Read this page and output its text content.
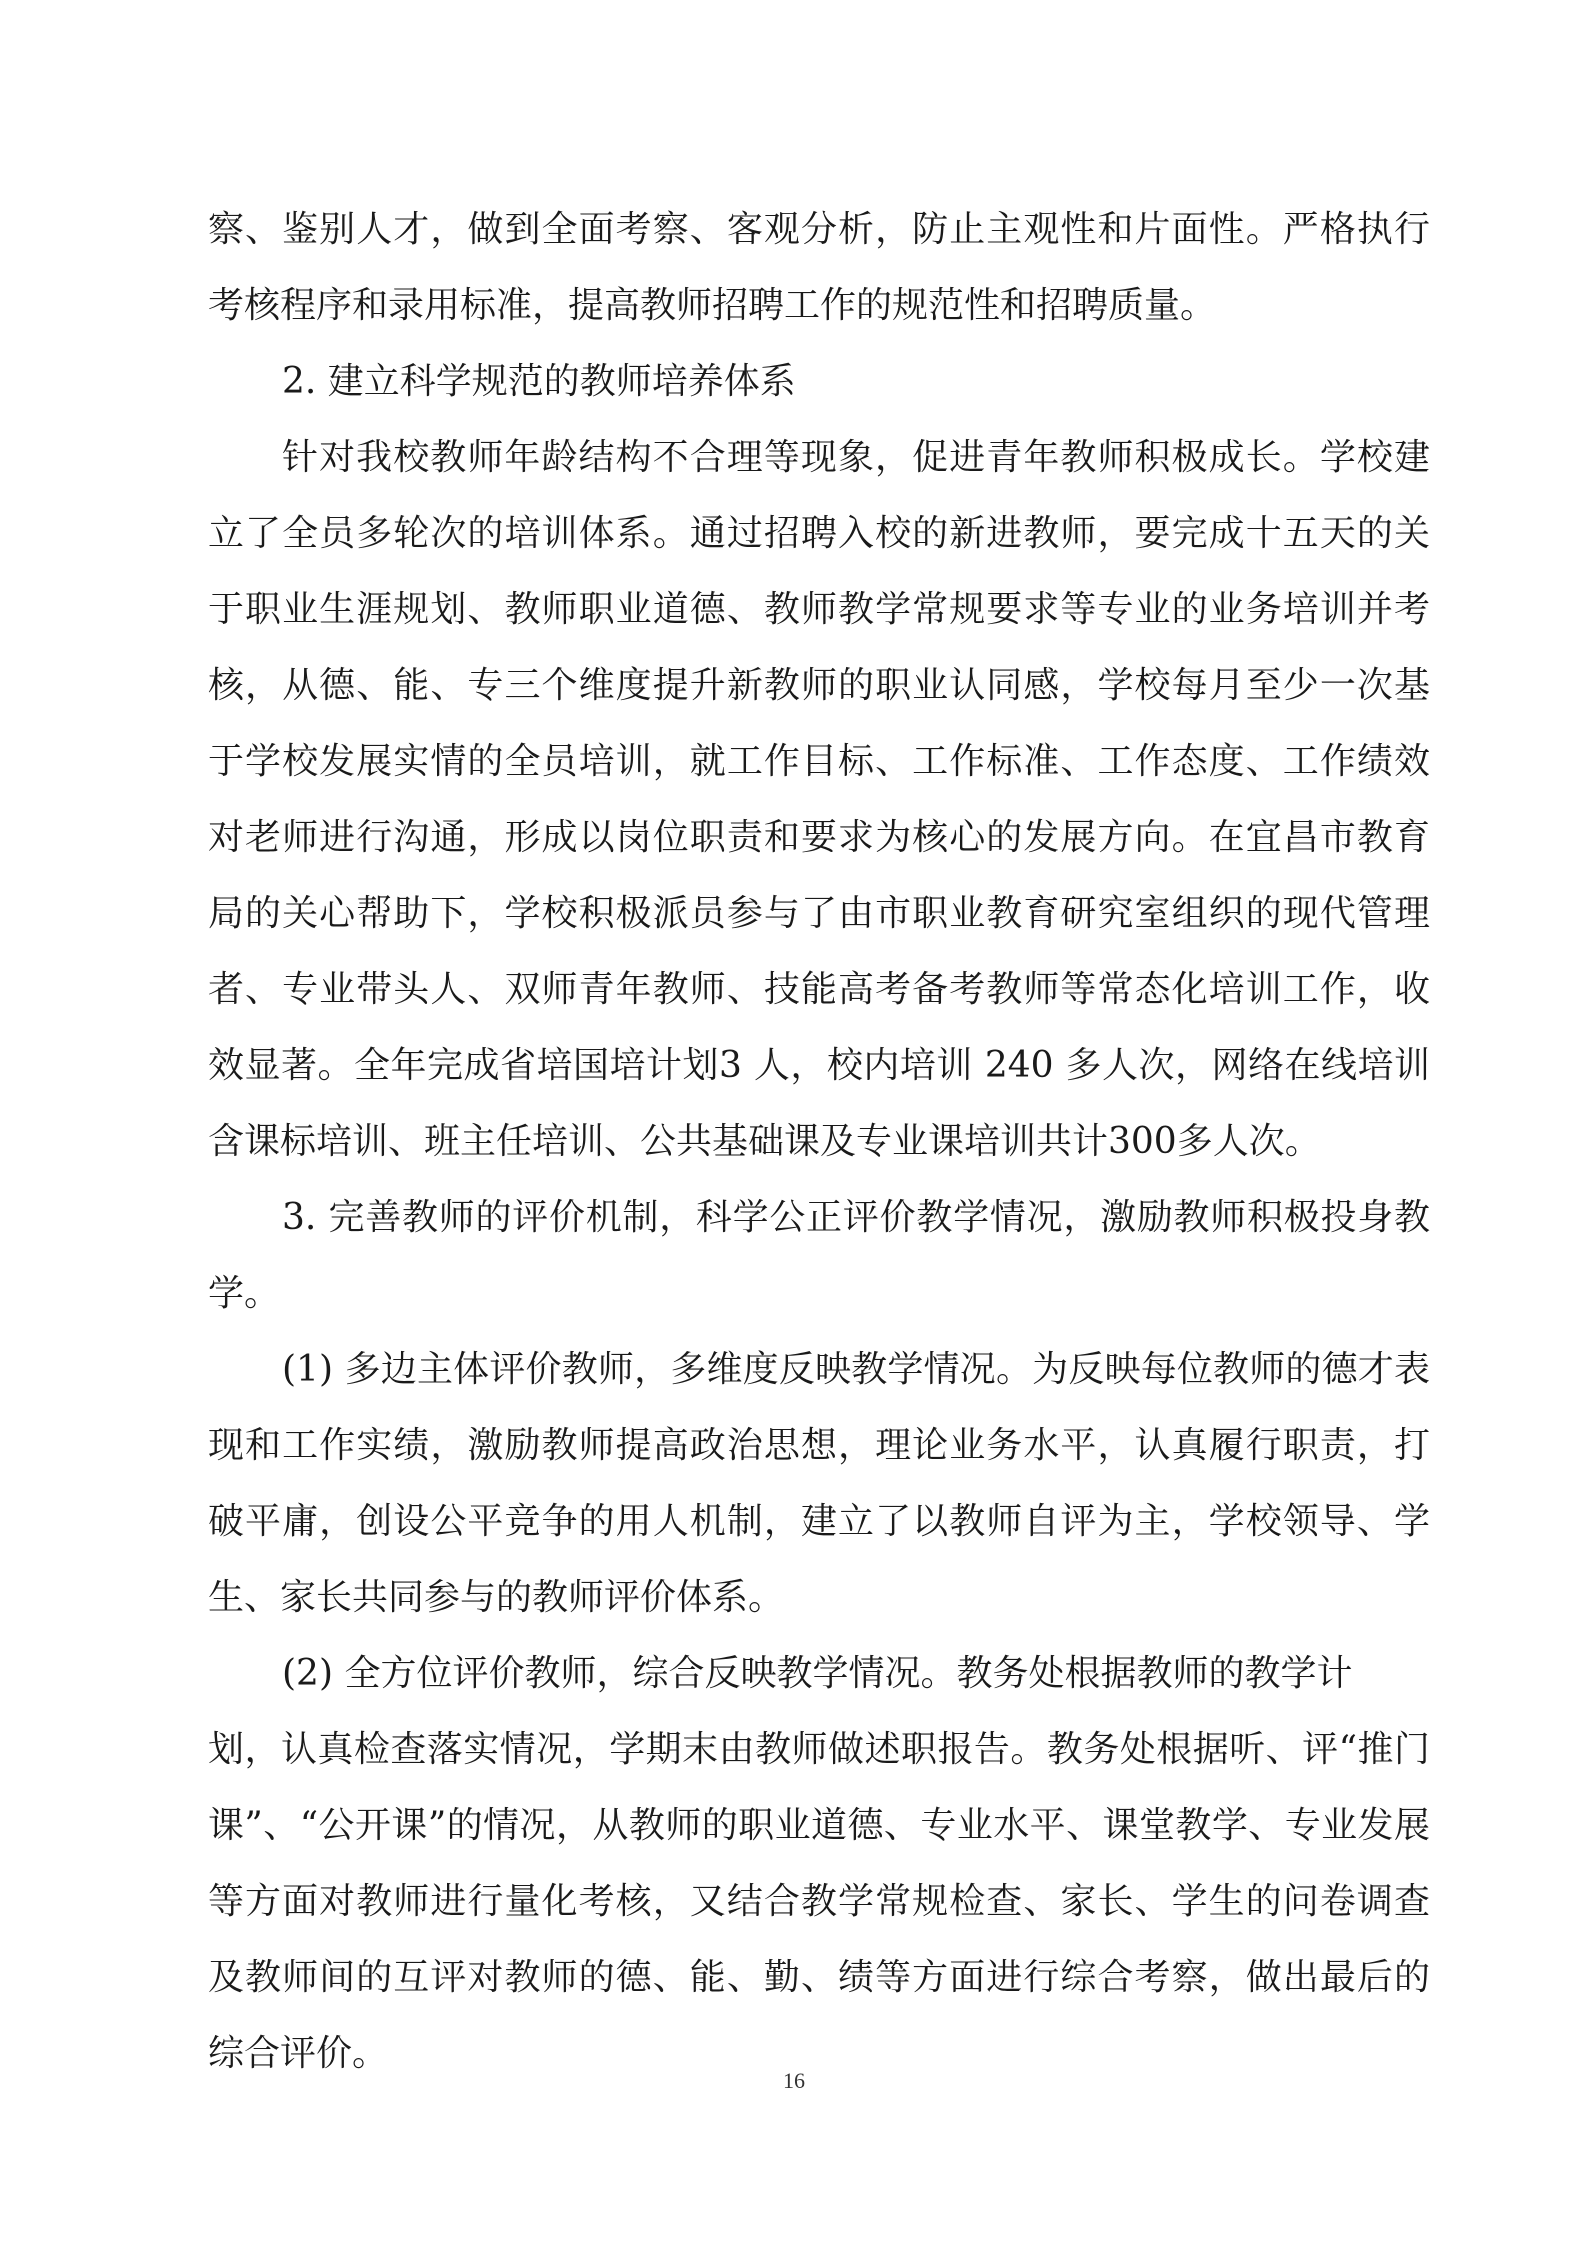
察、鉴别人才，做到全面考察、客观分析，防止主观性和片面性。严格执行考核程序和录用标准，提高教师招聘工作的规范性和招聘质量。

2. 建立科学规范的教师培养体系

针对我校教师年龄结构不合理等现象，促进青年教师积极成长。学校建立了全员多轮次的培训体系。通过招聘入校的新进教师，要完成十五天的关于职业生涯规划、教师职业道德、教师教学常规要求等专业的业务培训并考核，从德、能、专三个维度提升新教师的职业认同感，学校每月至少一次基于学校发展实情的全员培训，就工作目标、工作标准、工作态度、工作绩效对老师进行沟通，形成以岗位职责和要求为核心的发展方向。在宜昌市教育局的关心帮助下，学校积极派员参与了由市职业教育研究室组织的现代管理者、专业带头人、双师青年教师、技能高考备考教师等常态化培训工作，收效显著。全年完成省培国培计划3 人，校内培训 240 多人次，网络在线培训含课标培训、班主任培训、公共基础课及专业课培训共计300多人次。

3. 完善教师的评价机制，科学公正评价教学情况，激励教师积极投身教学。

(1) 多边主体评价教师，多维度反映教学情况。为反映每位教师的德才表现和工作实绩，激励教师提高政治思想，理论业务水平，认真履行职责，打破平庸，创设公平竞争的用人机制，建立了以教师自评为主，学校领导、学生、家长共同参与的教师评价体系。

(2) 全方位评价教师，综合反映教学情况。教务处根据教师的教学计

划，认真检查落实情况，学期末由教师做述职报告。教务处根据听、评“推门课”、“公开课”的情况，从教师的职业道德、专业水平、课堂教学、专业发展等方面对教师进行量化考核，又结合教学常规检查、家长、学生的问卷调查及教师间的互评对教师的德、能、勤、绩等方面进行综合考察，做出最后的综合评价。

16
